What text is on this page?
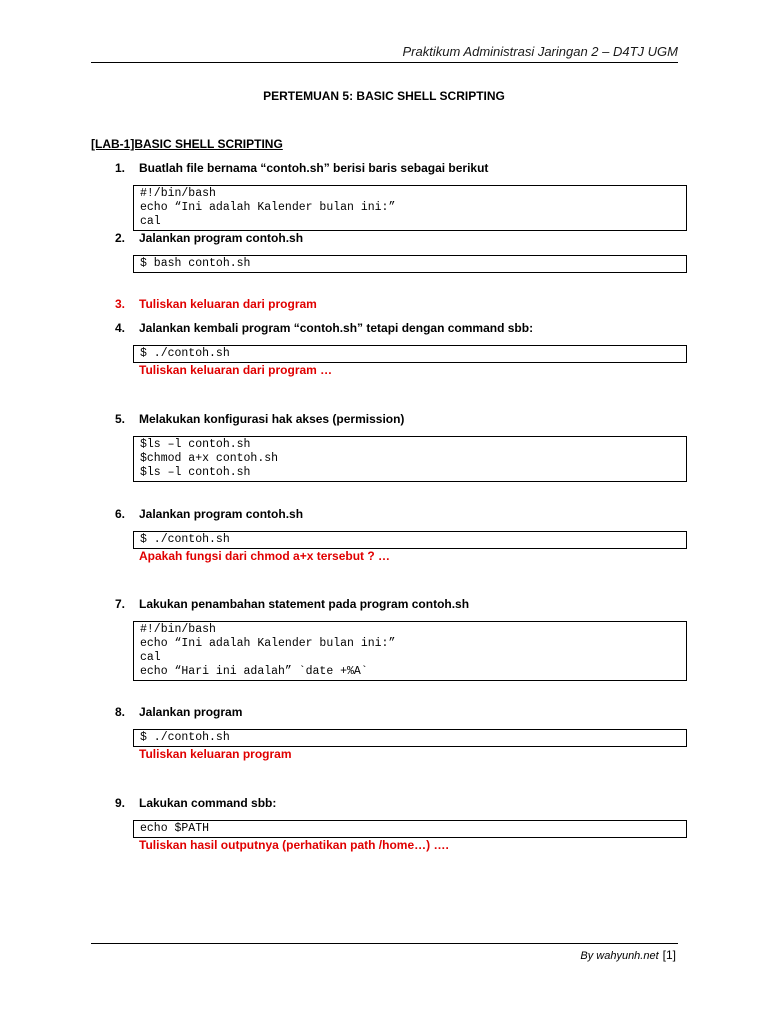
Praktikum Administrasi Jaringan 2 – D4TJ UGM
PERTEMUAN 5: BASIC SHELL SCRIPTING
[LAB-1]BASIC SHELL SCRIPTING
1. Buatlah file bernama “contoh.sh” berisi baris sebagai berikut
#!/bin/bash
echo “Ini adalah Kalender bulan ini:”
cal
2. Jalankan program contoh.sh
$ bash contoh.sh
3. Tuliskan keluaran dari program
4. Jalankan kembali program “contoh.sh” tetapi dengan command sbb:
$ ./contoh.sh
Tuliskan keluaran dari program …
5. Melakukan konfigurasi hak akses (permission)
$ls –l contoh.sh
$chmod a+x contoh.sh
$ls –l contoh.sh
6. Jalankan program contoh.sh
$ ./contoh.sh
Apakah fungsi dari chmod a+x tersebut ? …
7. Lakukan penambahan statement pada program contoh.sh
#!/bin/bash
echo “Ini adalah Kalender bulan ini:”
cal
echo “Hari ini adalah” `date +%A`
8. Jalankan program
$ ./contoh.sh
Tuliskan keluaran program
9. Lakukan command sbb:
echo $PATH
Tuliskan hasil outputnya (perhatikan path /home…) ….
By wahyunh.net [1]
